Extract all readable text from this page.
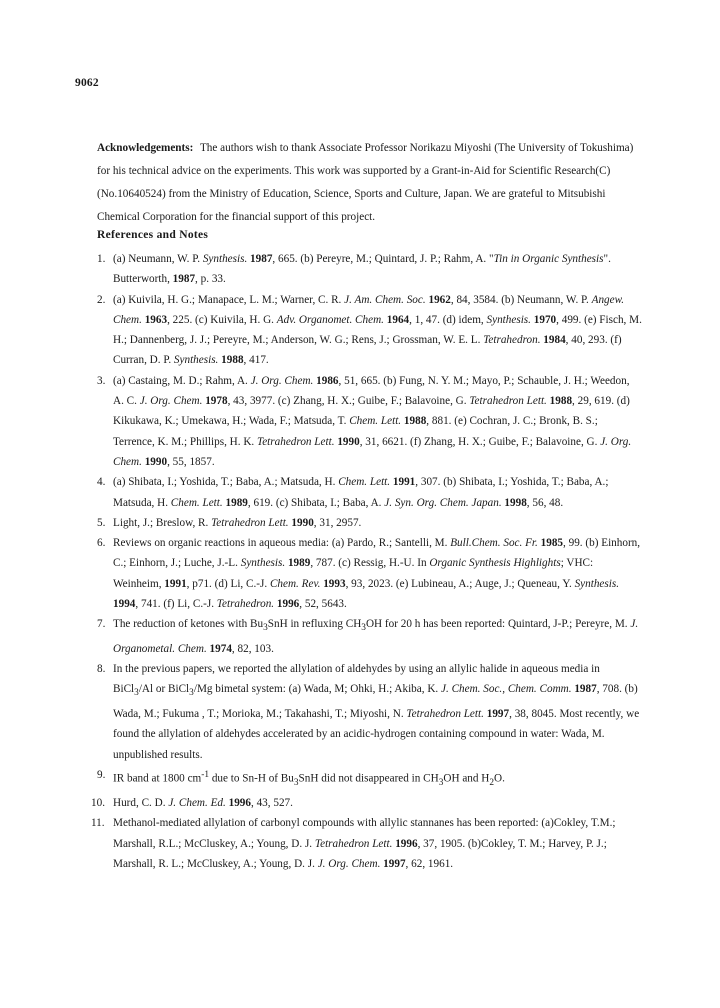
9062

Acknowledgements: The authors wish to thank Associate Professor Norikazu Miyoshi (The University of Tokushima) for his technical advice on the experiments. This work was supported by a Grant-in-Aid for Scientific Research(C) (No.10640524) from the Ministry of Education, Science, Sports and Culture, Japan. We are grateful to Mitsubishi Chemical Corporation for the financial support of this project.

References and Notes
1. (a) Neumann, W. P. Synthesis. 1987, 665. (b) Pereyre, M.; Quintard, J. P.; Rahm, A. "Tin in Organic Synthesis". Butterworth, 1987, p. 33.
2. (a) Kuivila, H. G.; Manapace, L. M.; Warner, C. R. J. Am. Chem. Soc. 1962, 84, 3584. (b) Neumann, W. P. Angew. Chem. 1963, 225. (c) Kuivila, H. G. Adv. Organomet. Chem. 1964, 1, 47. (d) idem, Synthesis. 1970, 499. (e) Fisch, M. H.; Dannenberg, J. J.; Pereyre, M.; Anderson, W. G.; Rens, J.; Grossman, W. E. L. Tetrahedron. 1984, 40, 293. (f) Curran, D. P. Synthesis. 1988, 417.
3. (a) Castaing, M. D.; Rahm, A. J. Org. Chem. 1986, 51, 665. (b) Fung, N. Y. M.; Mayo, P.; Schauble, J. H.; Weedon, A. C. J. Org. Chem. 1978, 43, 3977. (c) Zhang, H. X.; Guibe, F.; Balavoine, G. Tetrahedron Lett. 1988, 29, 619. (d) Kikukawa, K.; Umekawa, H.; Wada, F.; Matsuda, T. Chem. Lett. 1988, 881. (e) Cochran, J. C.; Bronk, B. S.; Terrence, K. M.; Phillips, H. K. Tetrahedron Lett. 1990, 31, 6621. (f) Zhang, H. X.; Guibe, F.; Balavoine, G. J. Org. Chem. 1990, 55, 1857.
4. (a) Shibata, I.; Yoshida, T.; Baba, A.; Matsuda, H. Chem. Lett. 1991, 307. (b) Shibata, I.; Yoshida, T.; Baba, A.; Matsuda, H. Chem. Lett. 1989, 619. (c) Shibata, I.; Baba, A. J. Syn. Org. Chem. Japan. 1998, 56, 48.
5. Light, J.; Breslow, R. Tetrahedron Lett. 1990, 31, 2957.
6. Reviews on organic reactions in aqueous media: (a) Pardo, R.; Santelli, M. Bull.Chem. Soc. Fr. 1985, 99. (b) Einhorn, C.; Einhorn, J.; Luche, J.-L. Synthesis. 1989, 787. (c) Ressig, H.-U. In Organic Synthesis Highlights; VHC: Weinheim, 1991, p71. (d) Li, C.-J. Chem. Rev. 1993, 93, 2023. (e) Lubineau, A.; Auge, J.; Queneau, Y. Synthesis. 1994, 741. (f) Li, C.-J. Tetrahedron. 1996, 52, 5643.
7. The reduction of ketones with $Bu_3SnH$ in refluxing $CH_3OH$ for 20 h has been reported: Quintard, J-P.; Pereyre, M. J. Organometal. Chem. 1974, 82, 103.
8. In the previous papers, we reported the allylation of aldehydes by using an allylic halide in aqueous media in BiCl$_3$/Al or BiCl$_3$/Mg bimetal system: (a) Wada, M; Ohki, H.; Akiba, K. J. Chem. Soc., Chem. Comm. 1987, 708. (b) Wada, M.; Fukuma , T.; Morioka, M.; Takahashi, T.; Miyoshi, N. Tetrahedron Lett. 1997, 38, 8045. Most recently, we found the allylation of aldehydes accelerated by an acidic-hydrogen containing compound in water: Wada, M. unpublished results.
9. IR band at 1800 $cm^{-1}$ due to Sn-H of $Bu_3SnH$ did not disappeared in $CH_3OH$ and $H_2O$.
10. Hurd, C. D. J. Chem. Ed. 1996, 43, 527.
11. Methanol-mediated allylation of carbonyl compounds with allylic stannanes has been reported: (a)Cokley, T.M.; Marshall, R.L.; McCluskey, A.; Young, D. J. Tetrahedron Lett. 1996, 37, 1905. (b)Cokley, T. M.; Harvey, P. J.; Marshall, R. L.; McCluskey, A.; Young, D. J. J. Org. Chem. 1997, 62, 1961.
